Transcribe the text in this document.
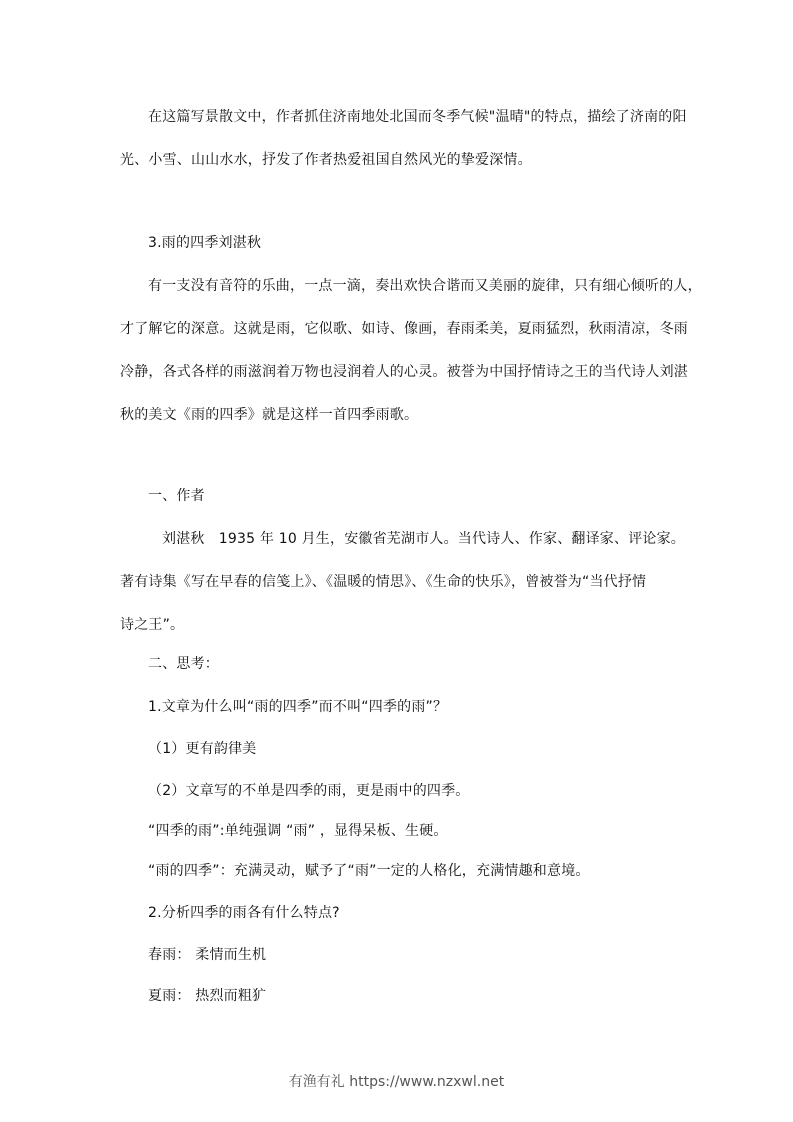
在这篇写景散文中，作者抓住济南地处北国而冬季气候"温晴"的特点，描绘了济南的阳
光、小雪、山山水水，抒发了作者热爱祖国自然风光的挚爱深情。
3.雨的四季刘湛秋
有一支没有音符的乐曲，一点一滴，奏出欢快合谐而又美丽的旋律，只有细心倾听的人，
才了解它的深意。这就是雨，它似歌、如诗、像画，春雨柔美，夏雨猛烈，秋雨清凉，冬雨
冷静，各式各样的雨滋润着万物也浸润着人的心灵。被誉为中国抒情诗之王的当代诗人刘湛
秋的美文《雨的四季》就是这样一首四季雨歌。
一、作者
刘湛秋　1935 年 10 月生，安徽省芜湖市人。当代诗人、作家、翻译家、评论家。
著有诗集《写在早春的信笺上》、《温暖的情思》、《生命的快乐》，曾被誉为“当代抒情
诗之王”。
二、思考：
1.文章为什么叫“雨的四季”而不叫“四季的雨”？
（1）更有韵律美
（2）文章写的不单是四季的雨，更是雨中的四季。
“四季的雨”:单纯强调 “雨” ，显得呆板、生硬。
“雨的四季”：充满灵动，赋予了“雨”一定的人格化，充满情趣和意境。
2.分析四季的雨各有什么特点?
春雨： 柔情而生机
夏雨： 热烈而粗犷
有渔有礼 https://www.nzxwl.net
